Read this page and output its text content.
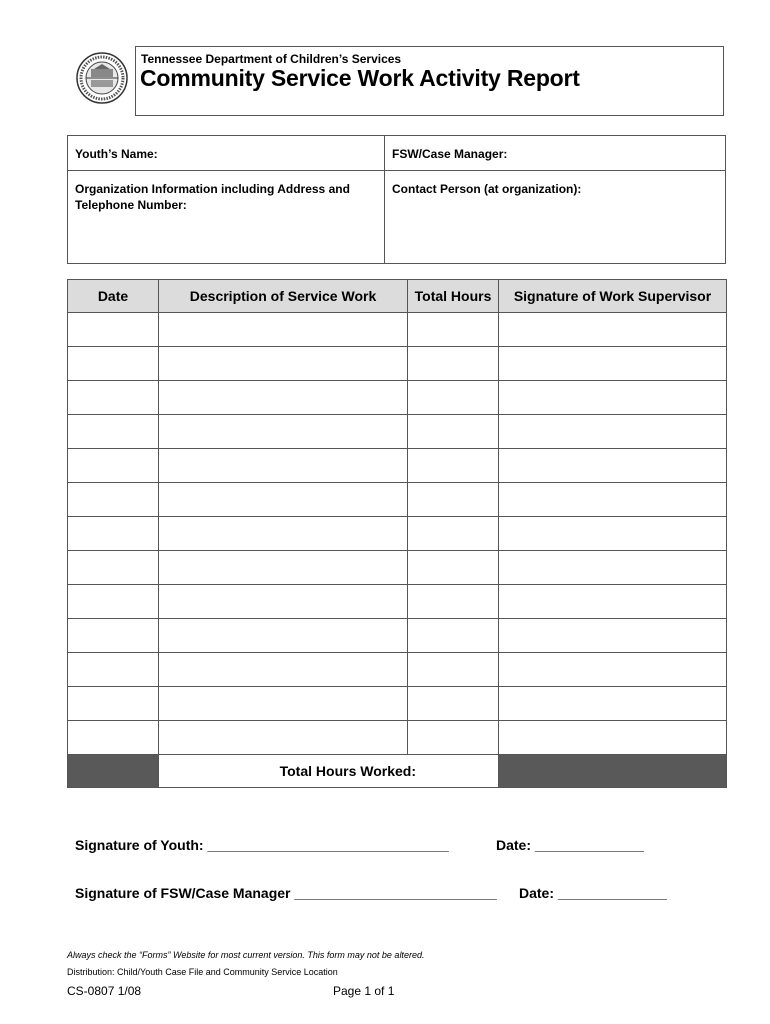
Tennessee Department of Children’s Services
Community Service Work Activity Report
Youth’s Name:	FSW/Case Manager:
Organization Information including Address and Telephone Number:	Contact Person (at organization):
Date	Description of Service Work	Total Hours	Signature of Work Supervisor

	Total Hours Worked:		
Signature of Youth: _______________________________	Date: ______________
Signature of FSW/Case Manager __________________________ Date: ______________
Always check the “Forms” Website for most current version. This form may not be altered.
Distribution: Child/Youth Case File and Community Service Location
CS-0807 1/08	Page 1 of 1
